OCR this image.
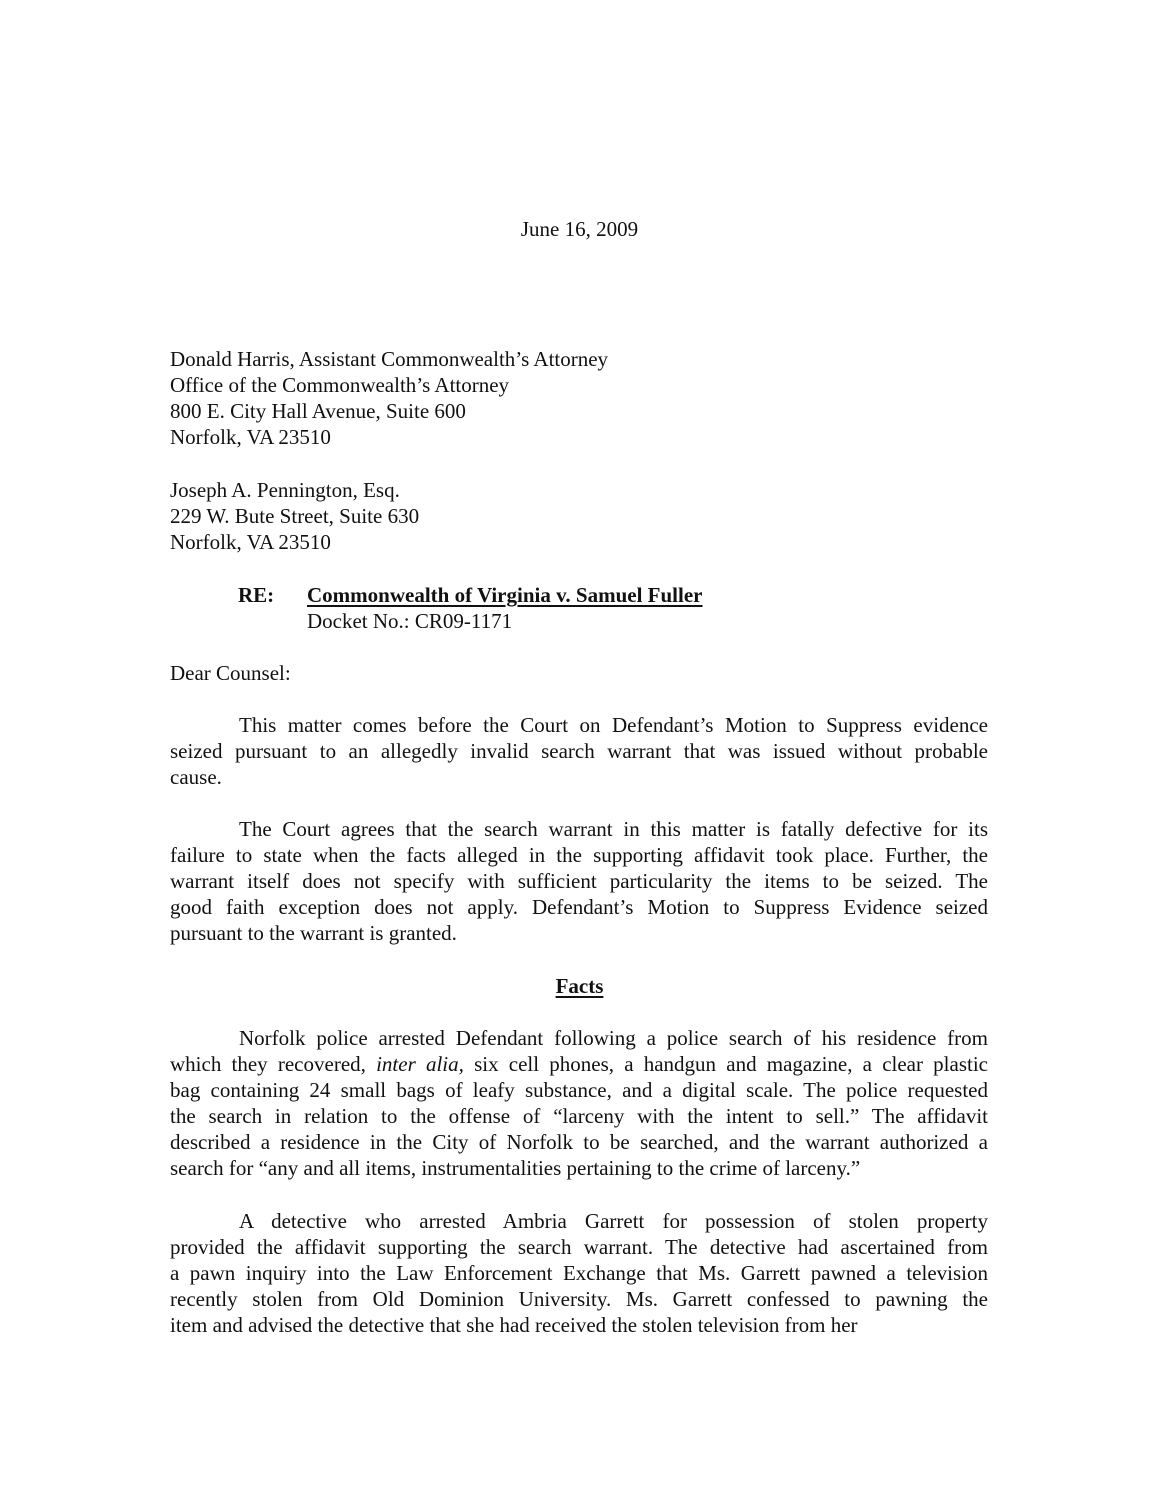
June 16, 2009
Donald Harris, Assistant Commonwealth’s Attorney
Office of the Commonwealth’s Attorney
800 E. City Hall Avenue, Suite 600
Norfolk, VA 23510
Joseph A. Pennington, Esq.
229 W. Bute Street, Suite 630
Norfolk, VA 23510
RE: Commonwealth of Virginia v. Samuel Fuller
Docket No.: CR09-1171
Dear Counsel:
This matter comes before the Court on Defendant’s Motion to Suppress evidence
seized pursuant to an allegedly invalid search warrant that was issued without probable
cause.
The Court agrees that the search warrant in this matter is fatally defective for its
failure to state when the facts alleged in the supporting affidavit took place. Further, the
warrant itself does not specify with sufficient particularity the items to be seized. The
good faith exception does not apply. Defendant’s Motion to Suppress Evidence seized
pursuant to the warrant is granted.
Facts
Norfolk police arrested Defendant following a police search of his residence from
which they recovered, inter alia, six cell phones, a handgun and magazine, a clear plastic
bag containing 24 small bags of leafy substance, and a digital scale. The police requested
the search in relation to the offense of “larceny with the intent to sell.” The affidavit
described a residence in the City of Norfolk to be searched, and the warrant authorized a
search for “any and all items, instrumentalities pertaining to the crime of larceny.”
A detective who arrested Ambria Garrett for possession of stolen property
provided the affidavit supporting the search warrant. The detective had ascertained from
a pawn inquiry into the Law Enforcement Exchange that Ms. Garrett pawned a television
recently stolen from Old Dominion University. Ms. Garrett confessed to pawning the
item and advised the detective that she had received the stolen television from her
